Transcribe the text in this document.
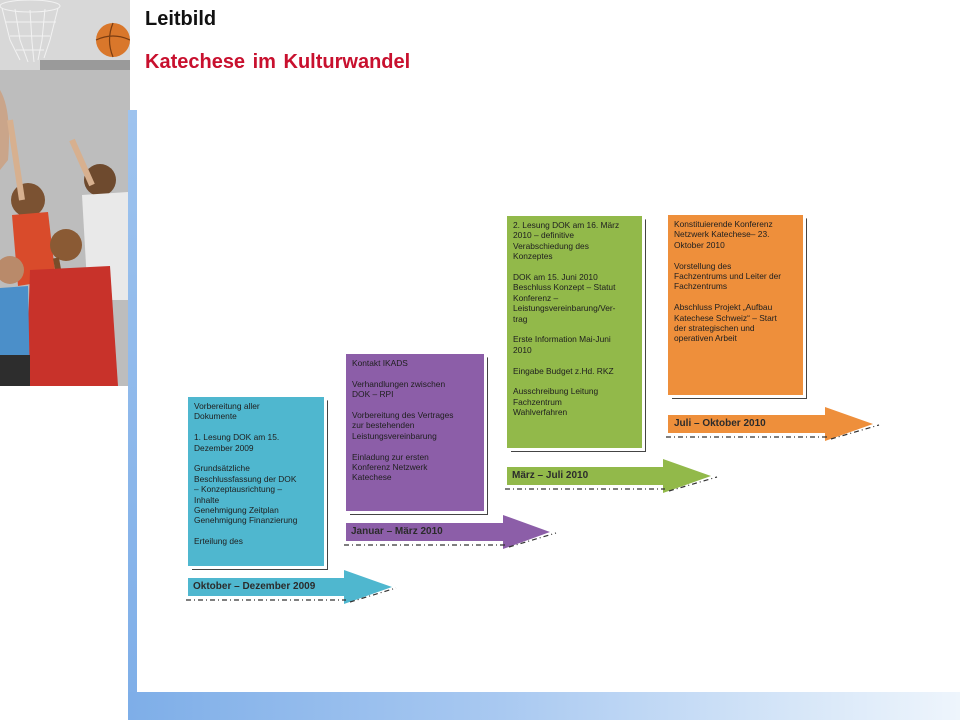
Leitbild
Katechese im Kulturwandel
Oktober – Dezember 2009
Januar – März 2010
März – Juli 2010
Juli – Oktober 2010
Vorbereitung aller
Dokumente
1. Lesung DOK am 15.
Dezember 2009
Grundsätzliche
Beschlussfassung der DOK
– Konzeptausrichtung –
Inhalte
Genehmigung Zeitplan
Genehmigung Finanzierung
Erteilung des
Kontakt IKADS
Verhandlungen zwischen
DOK – RPI
Vorbereitung des Vertrages
zur bestehenden
Leistungsvereinbarung
Einladung zur ersten
Konferenz Netzwerk
Katechese
2. Lesung DOK am 16. März
2010 – definitive
Verabschiedung des
Konzeptes
DOK am 15. Juni 2010
Beschluss Konzept – Statut
Konferenz –
Leistungsvereinbarung/Ver-
trag
Erste Information Mai-Juni
2010
Eingabe Budget z.Hd. RKZ
Ausschreibung Leitung
Fachzentrum
Wahlverfahren
Konstituierende Konferenz
Netzwerk Katechese– 23.
Oktober 2010
Vorstellung des
Fachzentrums und Leiter der
Fachzentrums
Abschluss Projekt „Aufbau
Katechese Schweiz“ – Start
der strategischen und
operativen Arbeit
